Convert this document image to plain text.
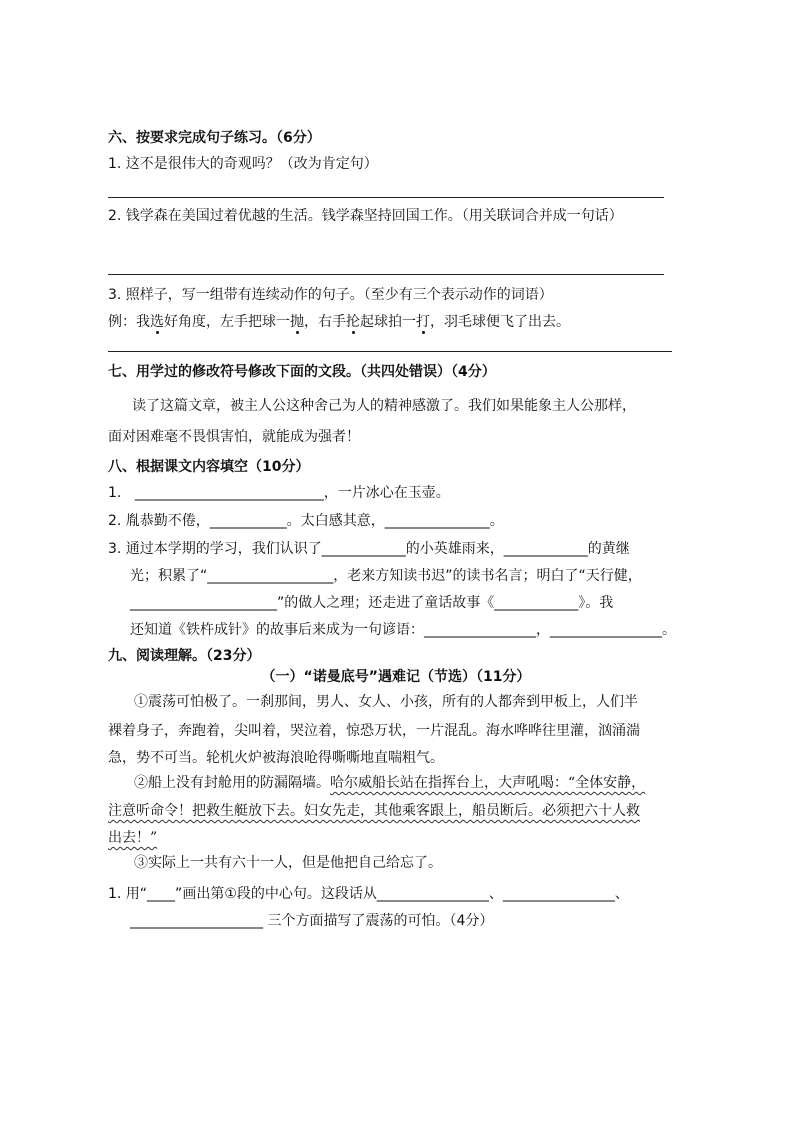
六、按要求完成句子练习。（6分）
1. 这不是很伟大的奇观吗？（改为肯定句）
2. 钱学森在美国过着优越的生活。钱学森坚持回国工作。（用关联词合并成一句话）
3. 照样子，写一组带有连续动作的句子。（至少有三个表示动作的词语）
例：我选好角度，左手把球一抛，右手抡起球拍一打，羽毛球便飞了出去。
七、用学过的修改符号修改下面的文段。（共四处错误）（4分）
读了这篇文章，被主人公这种舍己为人的精神感激了。我们如果能象主人公那样，
面对困难毫不畏惧害怕，就能成为强者！
八、根据课文内容填空（10分）
1. ___________________________，一片冰心在玉壶。
2. 胤恭勤不倦，___________。太白感其意，_______________。
3. 通过本学期的学习，我们认识了____________的小英雄雨来，____________的黄继
光；积累了“__________________，老来方知读书迟”的读书名言；明白了“天行健，
_____________________”的做人之理；还走进了童话故事《____________》。我
还知道《铁杵成针》的故事后来成为一句谚语：________________，________________。
九、阅读理解。（23分）
（一）“诺曼底号”遇难记（节选）（11分）
①震荡可怕极了。一刹那间，男人、女人、小孩，所有的人都奔到甲板上，人们半
裸着身子，奔跑着，尖叫着，哭泣着，惊恐万状，一片混乱。海水哗哗往里灌，汹涌湍
急，势不可当。轮机火炉被海浪呛得嘶嘶地直喘粗气。
②船上没有封舱用的防漏隔墙。哈尔威船长站在指挥台上，大声吼喝：“全体安静，
注意听命令！把救生艇放下去。妇女先走，其他乘客跟上，船员断后。必须把六十人救
出去！”
③实际上一共有六十一人，但是他把自己给忘了。
1. 用“____”画出第①段的中心句。这段话从________________、________________、
___________________ 三个方面描写了震荡的可怕。（4分）
